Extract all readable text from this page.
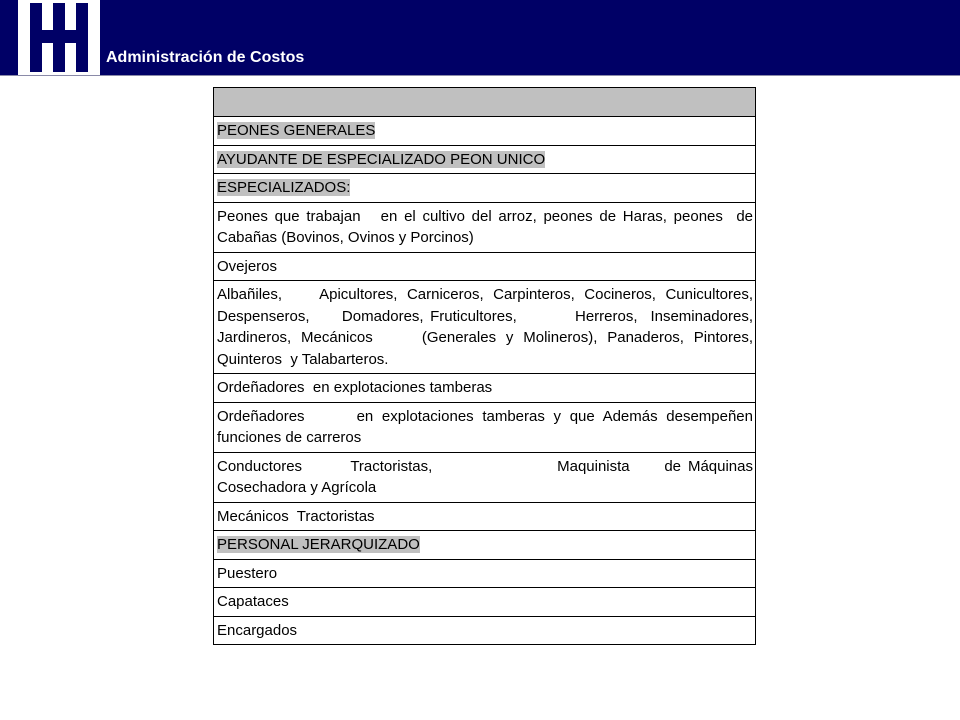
Administración de Costos
PEONES GENERALES
AYUDANTE DE ESPECIALIZADO PEON UNICO
ESPECIALIZADOS:
Peones que trabajan   en el cultivo del arroz, peones de Haras, peones  de Cabañas (Bovinos, Ovinos y Porcinos)
Ovejeros
Albañiles,    Apicultores, Carniceros, Carpinteros, Cocineros, Cunicultores,                   Despenseros,     Domadores, Fruticultores,         Herreros,  Inseminadores,  Jardineros, Mecánicos     (Generales y Molineros), Panaderos, Pintores, Quinteros  y Talabarteros.
Ordeñadores  en explotaciones tamberas
Ordeñadores      en explotaciones tamberas y que Además desempeñen  funciones de carreros
Conductores       Tractoristas,                  Maquinista     de Máquinas  Cosechadora y Agrícola
Mecánicos  Tractoristas
PERSONAL JERARQUIZADO
Puestero
Capataces
Encargados
